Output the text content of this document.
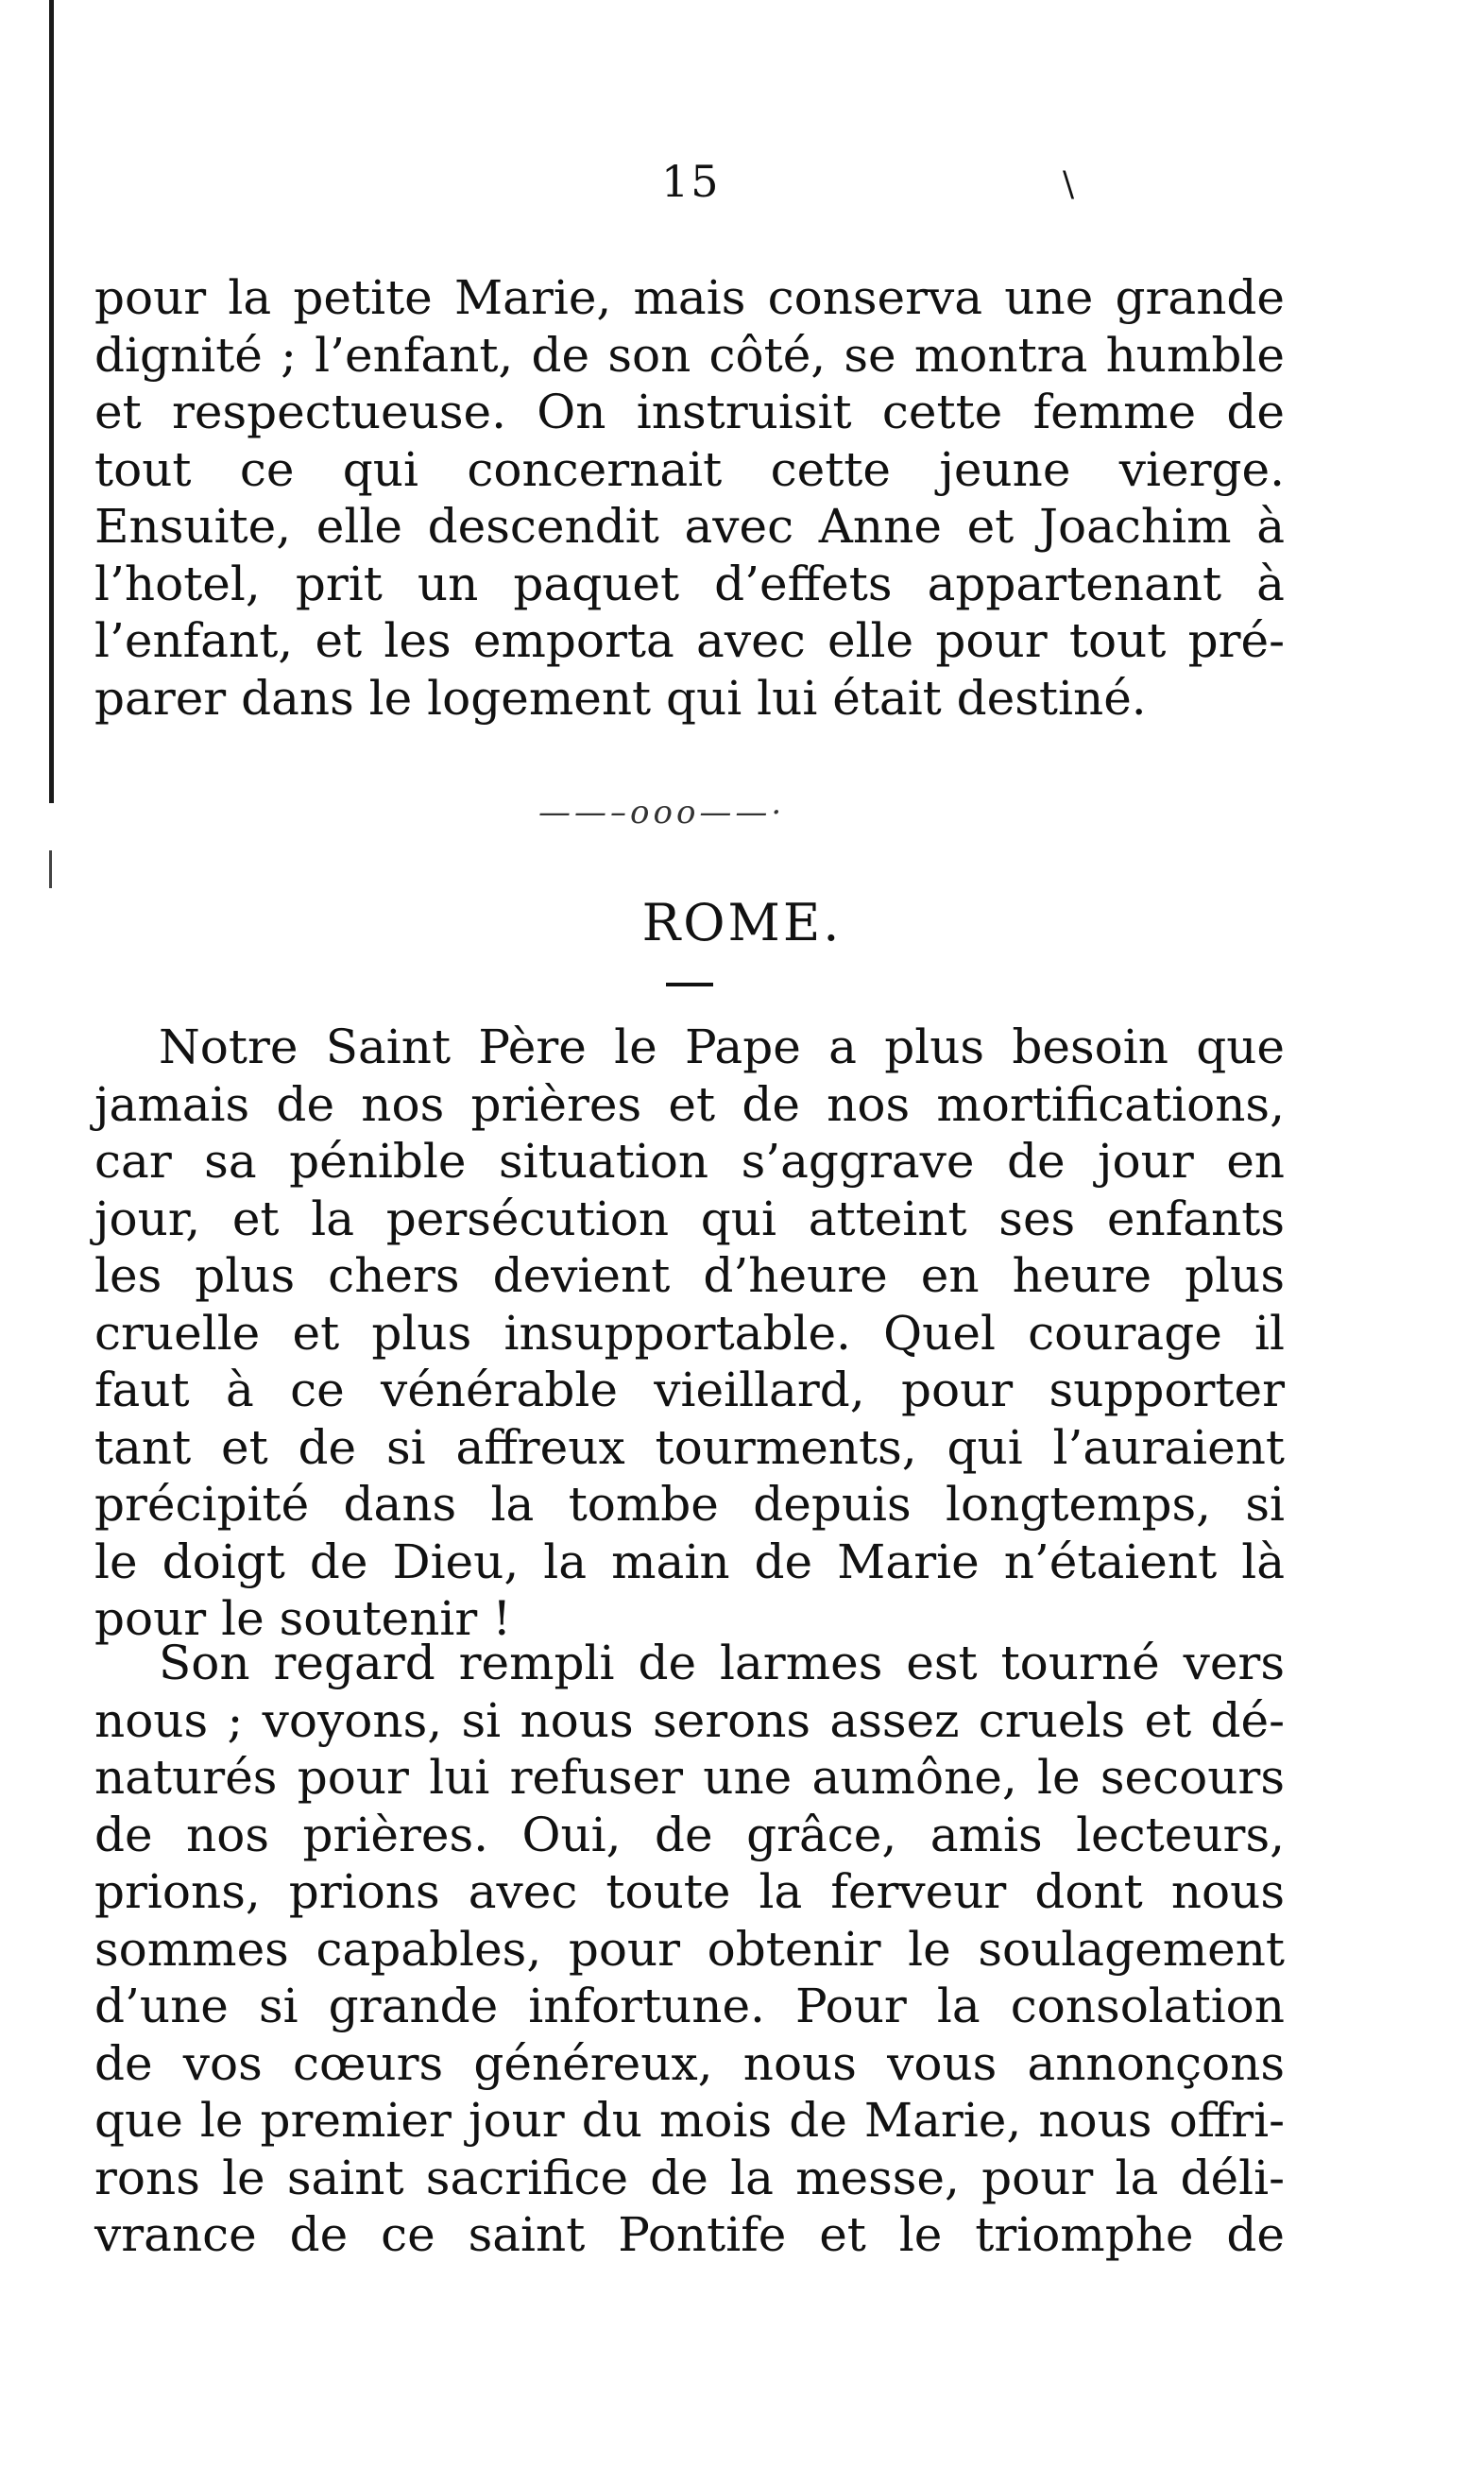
15	\
pour la petite Marie, mais conserva une grande
dignité ; l’enfant, de son côté, se montra humble
et respectueuse. On instruisit cette femme de
tout ce qui concernait cette jeune vierge.
Ensuite, elle descendit avec Anne et Joachim à
l’hotel, prit un paquet d’effets appartenant à
l’enfant, et les emporta avec elle pour tout pré-
parer dans le logement qui lui était destiné.
——–ooo——·
ROME.
Notre Saint Père le Pape a plus besoin que
jamais de nos prières et de nos mortifications,
car sa pénible situation s’aggrave de jour en
jour, et la persécution qui atteint ses enfants
les plus chers devient d’heure en heure plus
cruelle et plus insupportable. Quel courage il
faut à ce vénérable vieillard, pour supporter
tant et de si affreux tourments, qui l’auraient
précipité dans la tombe depuis longtemps, si
le doigt de Dieu, la main de Marie n’étaient là
pour le soutenir !
Son regard rempli de larmes est tourné vers
nous ; voyons, si nous serons assez cruels et dé-
naturés pour lui refuser une aumône, le secours
de nos prières. Oui, de grâce, amis lecteurs,
prions, prions avec toute la ferveur dont nous
sommes capables, pour obtenir le soulagement
d’une si grande infortune. Pour la consolation
de vos cœurs généreux, nous vous annonçons
que le premier jour du mois de Marie, nous offri-
rons le saint sacrifice de la messe, pour la déli-
vrance de ce saint Pontife et le triomphe de
